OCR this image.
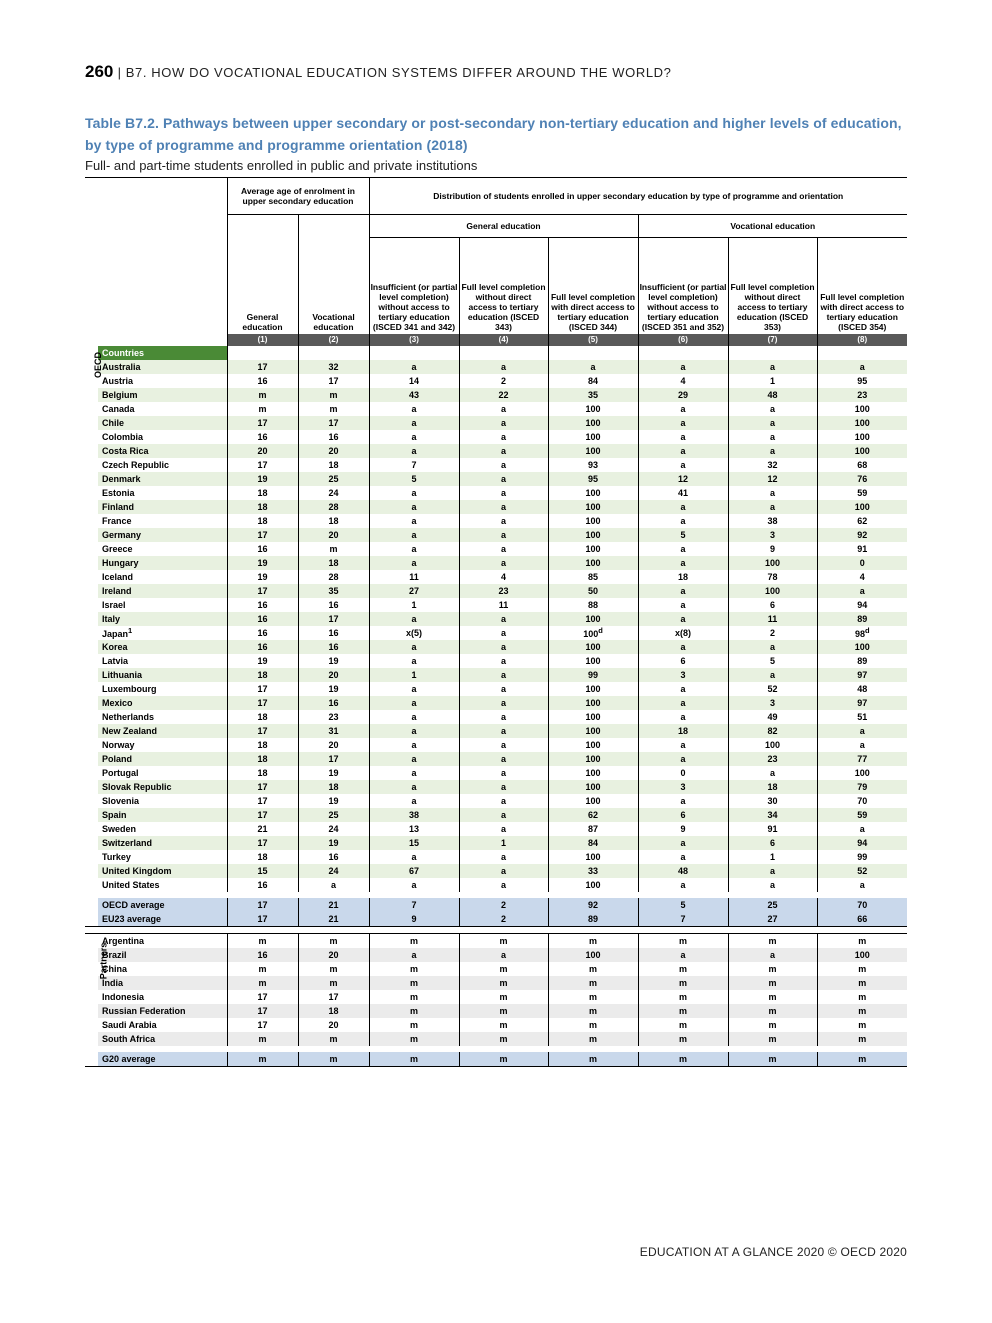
260 | B7. HOW DO VOCATIONAL EDUCATION SYSTEMS DIFFER AROUND THE WORLD?
Table B7.2. Pathways between upper secondary or post-secondary non-tertiary education and higher levels of education, by type of programme and programme orientation (2018)
Full- and part-time students enrolled in public and private institutions
		Average age of enrolment in upper secondary education		Distribution of students enrolled in upper secondary education by type of programme and orientation					
		General education	Vocational education	General education			Vocational education		
				Insufficient (or partial level completion) without access to tertiary education (ISCED 341 and 342)	Full level completion without direct access to tertiary education (ISCED 343)	Full level completion with direct access to tertiary education (ISCED 344)	Insufficient (or partial level completion) without access to tertiary education (ISCED 351 and 352)	Full level completion without direct access to tertiary education (ISCED 353)	Full level completion with direct access to tertiary education (ISCED 354)
		(1)	(2)	(3)	(4)	(5)	(6)	(7)	(8)
OECD	Countries								
	Australia	17	32	a	a	a	a	a	a
	Austria	16	17	14	2	84	4	1	95
	Belgium	m	m	43	22	35	29	48	23
	Canada	m	m	a	a	100	a	a	100
	Chile	17	17	a	a	100	a	a	100
	Colombia	16	16	a	a	100	a	a	100
	Costa Rica	20	20	a	a	100	a	a	100
	Czech Republic	17	18	7	a	93	a	32	68
	Denmark	19	25	5	a	95	12	12	76
	Estonia	18	24	a	a	100	41	a	59
	Finland	18	28	a	a	100	a	a	100
	France	18	18	a	a	100	a	38	62
	Germany	17	20	a	a	100	5	3	92
	Greece	16	m	a	a	100	a	9	91
	Hungary	19	18	a	a	100	a	100	0
	Iceland	19	28	11	4	85	18	78	4
	Ireland	17	35	27	23	50	a	100	a
	Israel	16	16	1	11	88	a	6	94
	Italy	16	17	a	a	100	a	11	89
	Japan$^1$	16	16	x(5)	a	100$^d$	x(8)	2	98$^d$
	Korea	16	16	a	a	100	a	a	100
	Latvia	19	19	a	a	100	6	5	89
	Lithuania	18	20	1	a	99	3	a	97
	Luxembourg	17	19	a	a	100	a	52	48
	Mexico	17	16	a	a	100	a	3	97
	Netherlands	18	23	a	a	100	a	49	51
	New Zealand	17	31	a	a	100	18	82	a
	Norway	18	20	a	a	100	a	100	a
	Poland	18	17	a	a	100	a	23	77
	Portugal	18	19	a	a	100	0	a	100
	Slovak Republic	17	18	a	a	100	3	18	79
	Slovenia	17	19	a	a	100	a	30	70
	Spain	17	25	38	a	62	6	34	59
	Sweden	21	24	13	a	87	9	91	a
	Switzerland	17	19	15	1	84	a	6	94
	Turkey	18	16	a	a	100	a	1	99
	United Kingdom	15	24	67	a	33	48	a	52
	United States	16	a	a	a	100	a	a	a

	OECD average	17	21	7	2	92	5	25	70
	EU23 average	17	21	9	2	89	7	27	66

Partners	Argentina	m	m	m	m	m	m	m	m
	Brazil	16	20	a	a	100	a	a	100
	China	m	m	m	m	m	m	m	m
	India	m	m	m	m	m	m	m	m
	Indonesia	17	17	m	m	m	m	m	m
	Russian Federation	17	18	m	m	m	m	m	m
	Saudi Arabia	17	20	m	m	m	m	m	m
	South Africa	m	m	m	m	m	m	m	m

	G20 average	m	m	m	m	m	m	m	m
EDUCATION AT A GLANCE 2020 © OECD 2020
